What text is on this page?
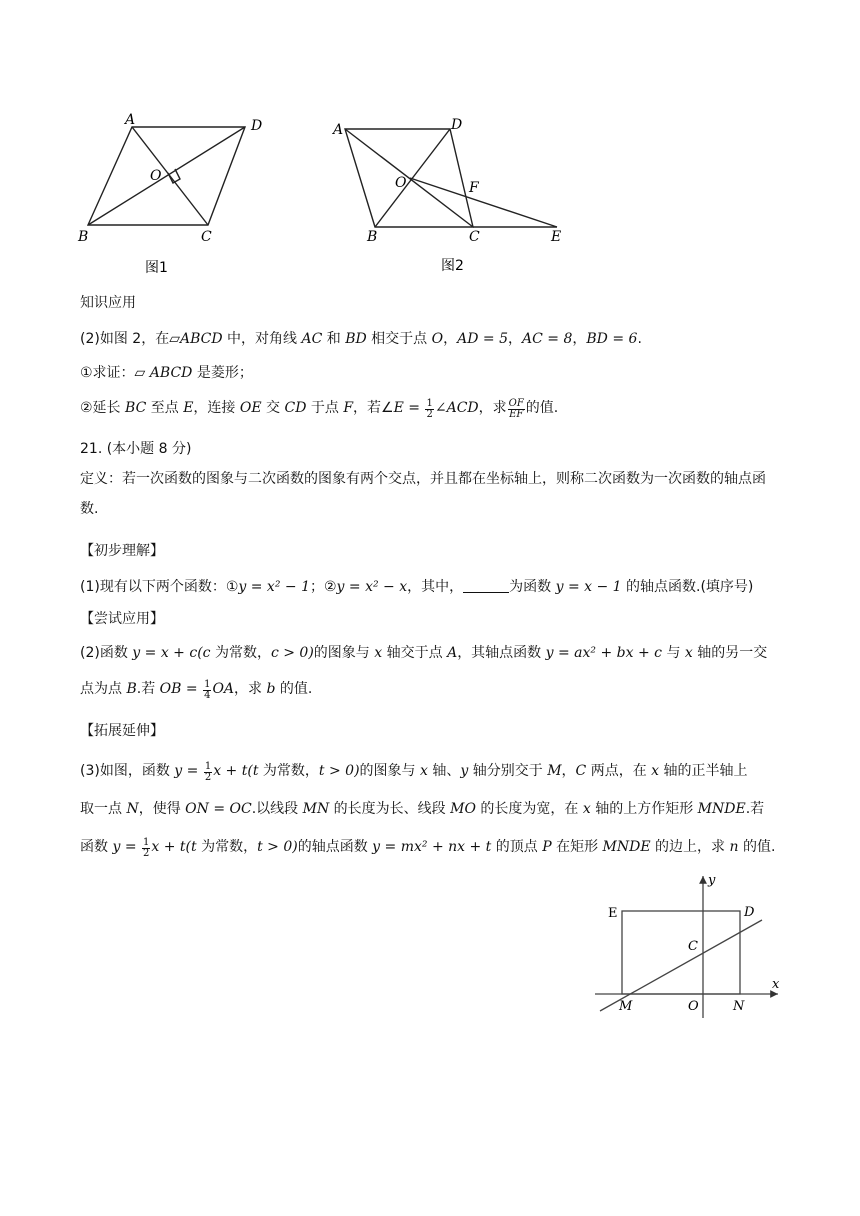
A	D
O
B	C
图1
A	D
O	F
B	C	E
图2
知识应用
(2)如图 2，在▱ABCD 中，对角线 AC 和 BD 相交于点 O，AD = 5，AC = 8，BD = 6.
①求证：▱ ABCD 是菱形；
②延长 BC 至点 E，连接 OE 交 CD 于点 F，若∠E = $\frac{1}{2}$ ∠ACD，求 $\frac{OF}{EF}$ 的值.
21. (本小题 8 分)
定义：若一次函数的图象与二次函数的图象有两个交点，并且都在坐标轴上，则称二次函数为一次函数的轴点函数.
【初步理解】
(1)现有以下两个函数：①y = x² − 1；②y = x² − x，其中，	为函数 y = x − 1 的轴点函数.(填序号)
【尝试应用】
(2)函数 y = x + c(c 为常数，c > 0)的图象与 x 轴交于点 A，其轴点函数 y = ax² + bx + c 与 x 轴的另一交
点为点 B.若 OB = $\frac{1}{4}$ OA，求 b 的值.
【拓展延伸】
(3)如图，函数 $y = \frac{1}{2}$ x + t(t 为常数，t > 0)的图象与 x 轴、y 轴分别交于 M，C 两点，在 x 轴的正半轴上
取一点 N，使得 ON = OC.以线段 MN 的长度为长、线段 MO 的长度为宽，在 x 轴的上方作矩形 MNDE.若
函数 $y = \frac{1}{2}$ x + t(t 为常数，t > 0)的轴点函数 y = mx² + nx + t 的顶点 P 在矩形 MNDE 的边上，求 n 的值.
y
x
E	D
C
M	O	N
